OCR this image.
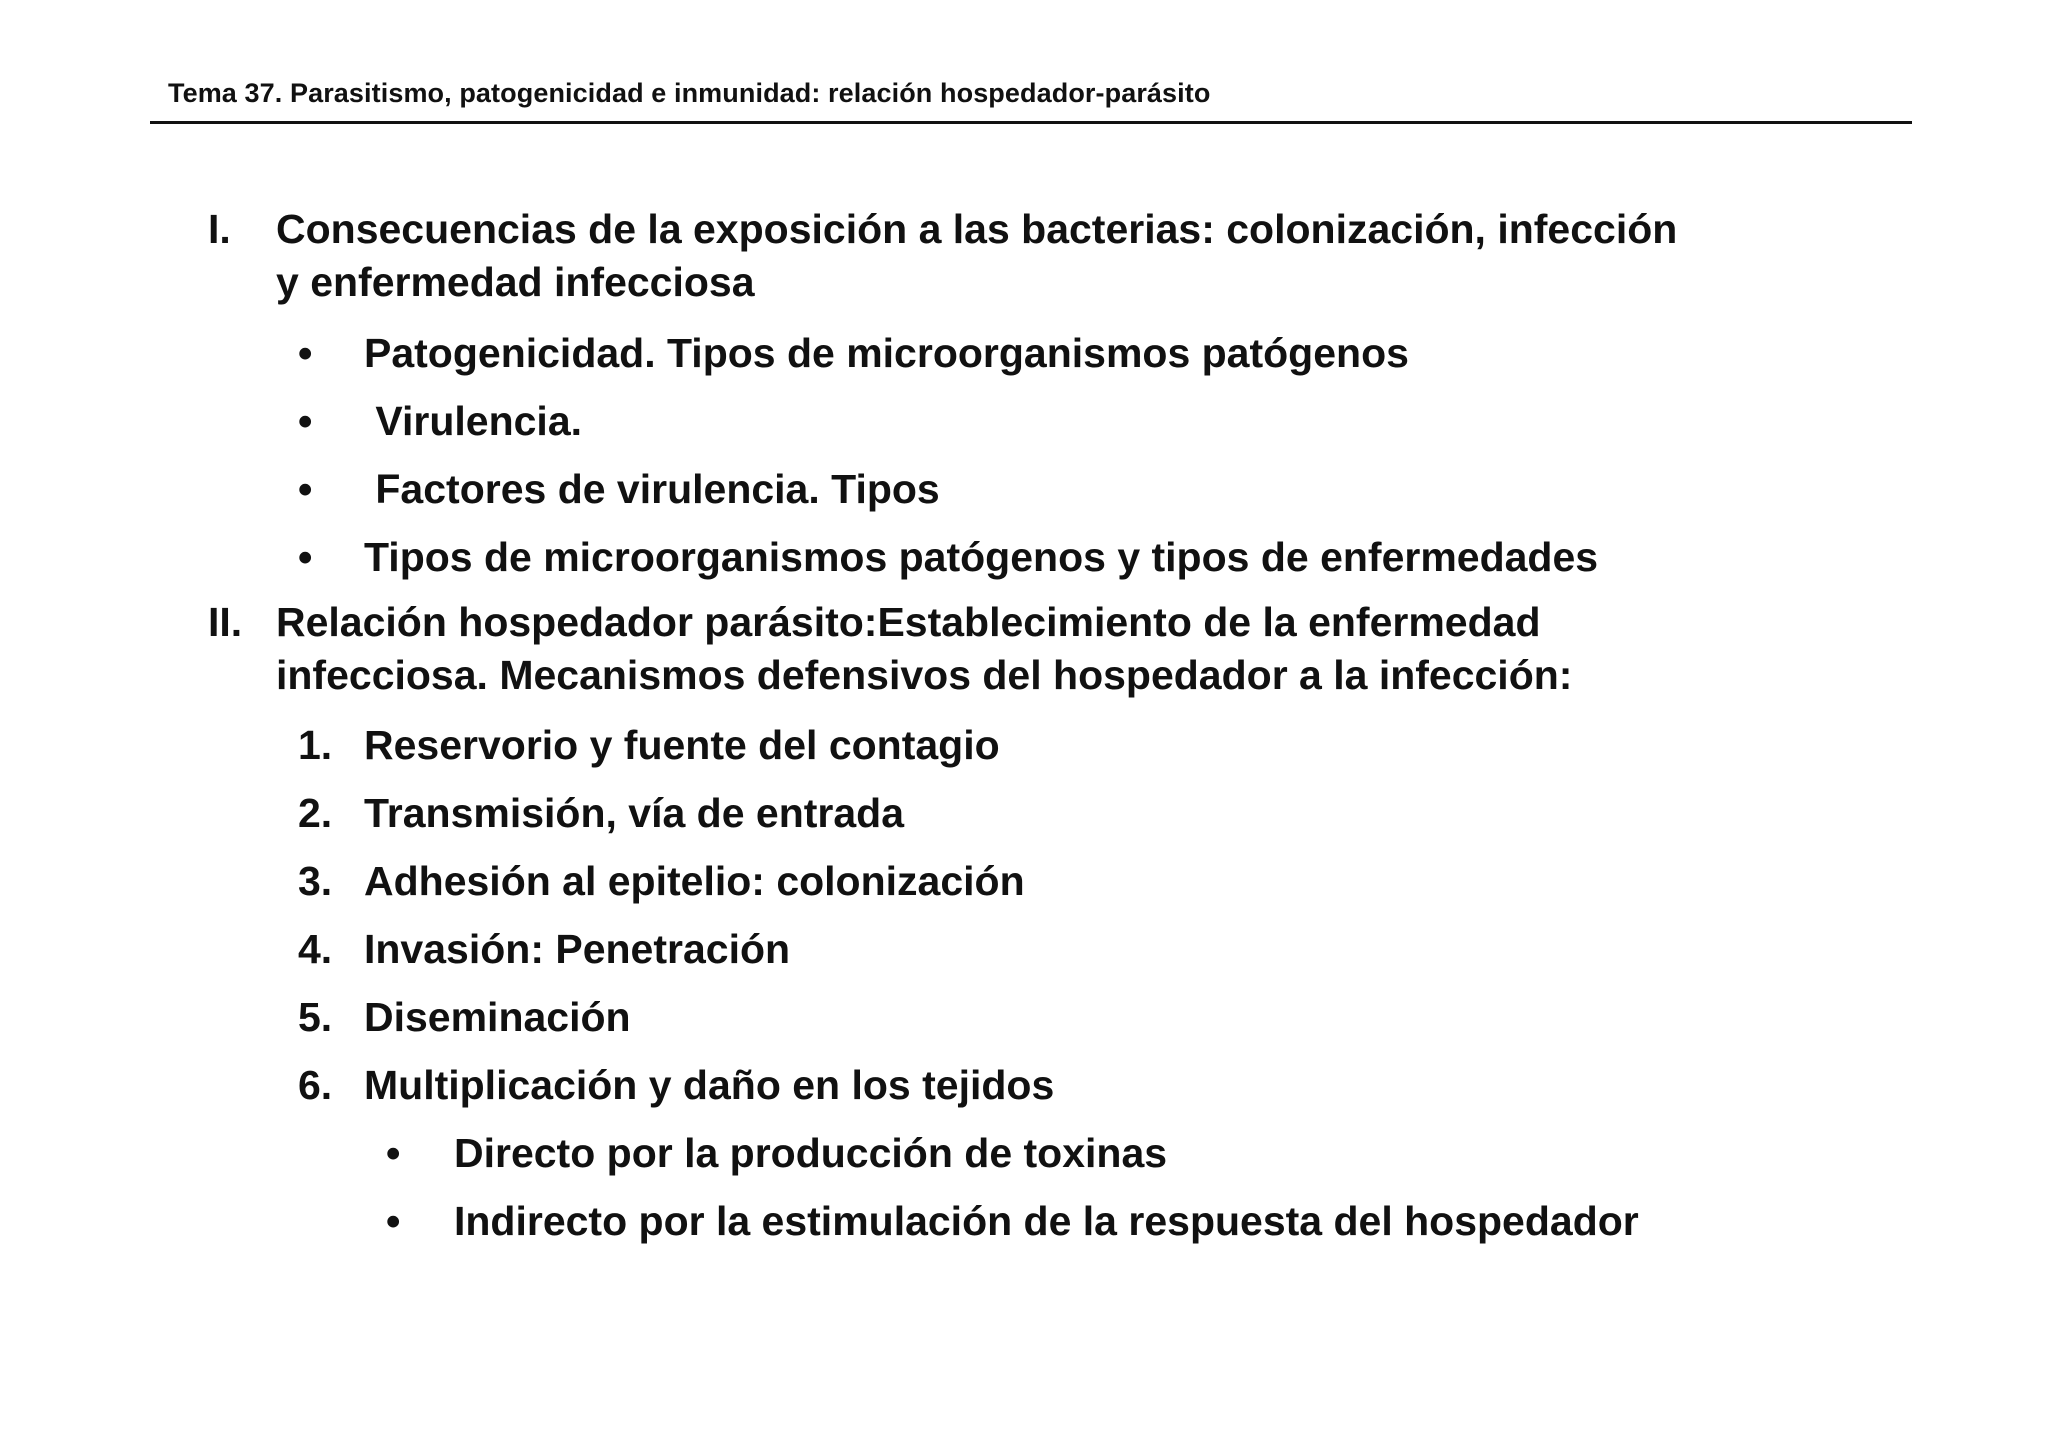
Tema 37. Parasitismo, patogenicidad e inmunidad: relación hospedador-parásito
I. Consecuencias de la exposición a las bacterias: colonización, infección
y enfermedad infecciosa
• Patogenicidad. Tipos de microorganismos patógenos
• Virulencia.
• Factores de virulencia. Tipos
• Tipos de microorganismos patógenos y tipos de enfermedades
II. Relación hospedador parásito:Establecimiento de la enfermedad
infecciosa. Mecanismos defensivos del hospedador a la infección:
1. Reservorio y fuente del contagio
2. Transmisión, vía de entrada
3. Adhesión al epitelio: colonización
4. Invasión: Penetración
5. Diseminación
6. Multiplicación y daño en los tejidos
• Directo por la producción de toxinas
• Indirecto por la estimulación de la respuesta del hospedador
